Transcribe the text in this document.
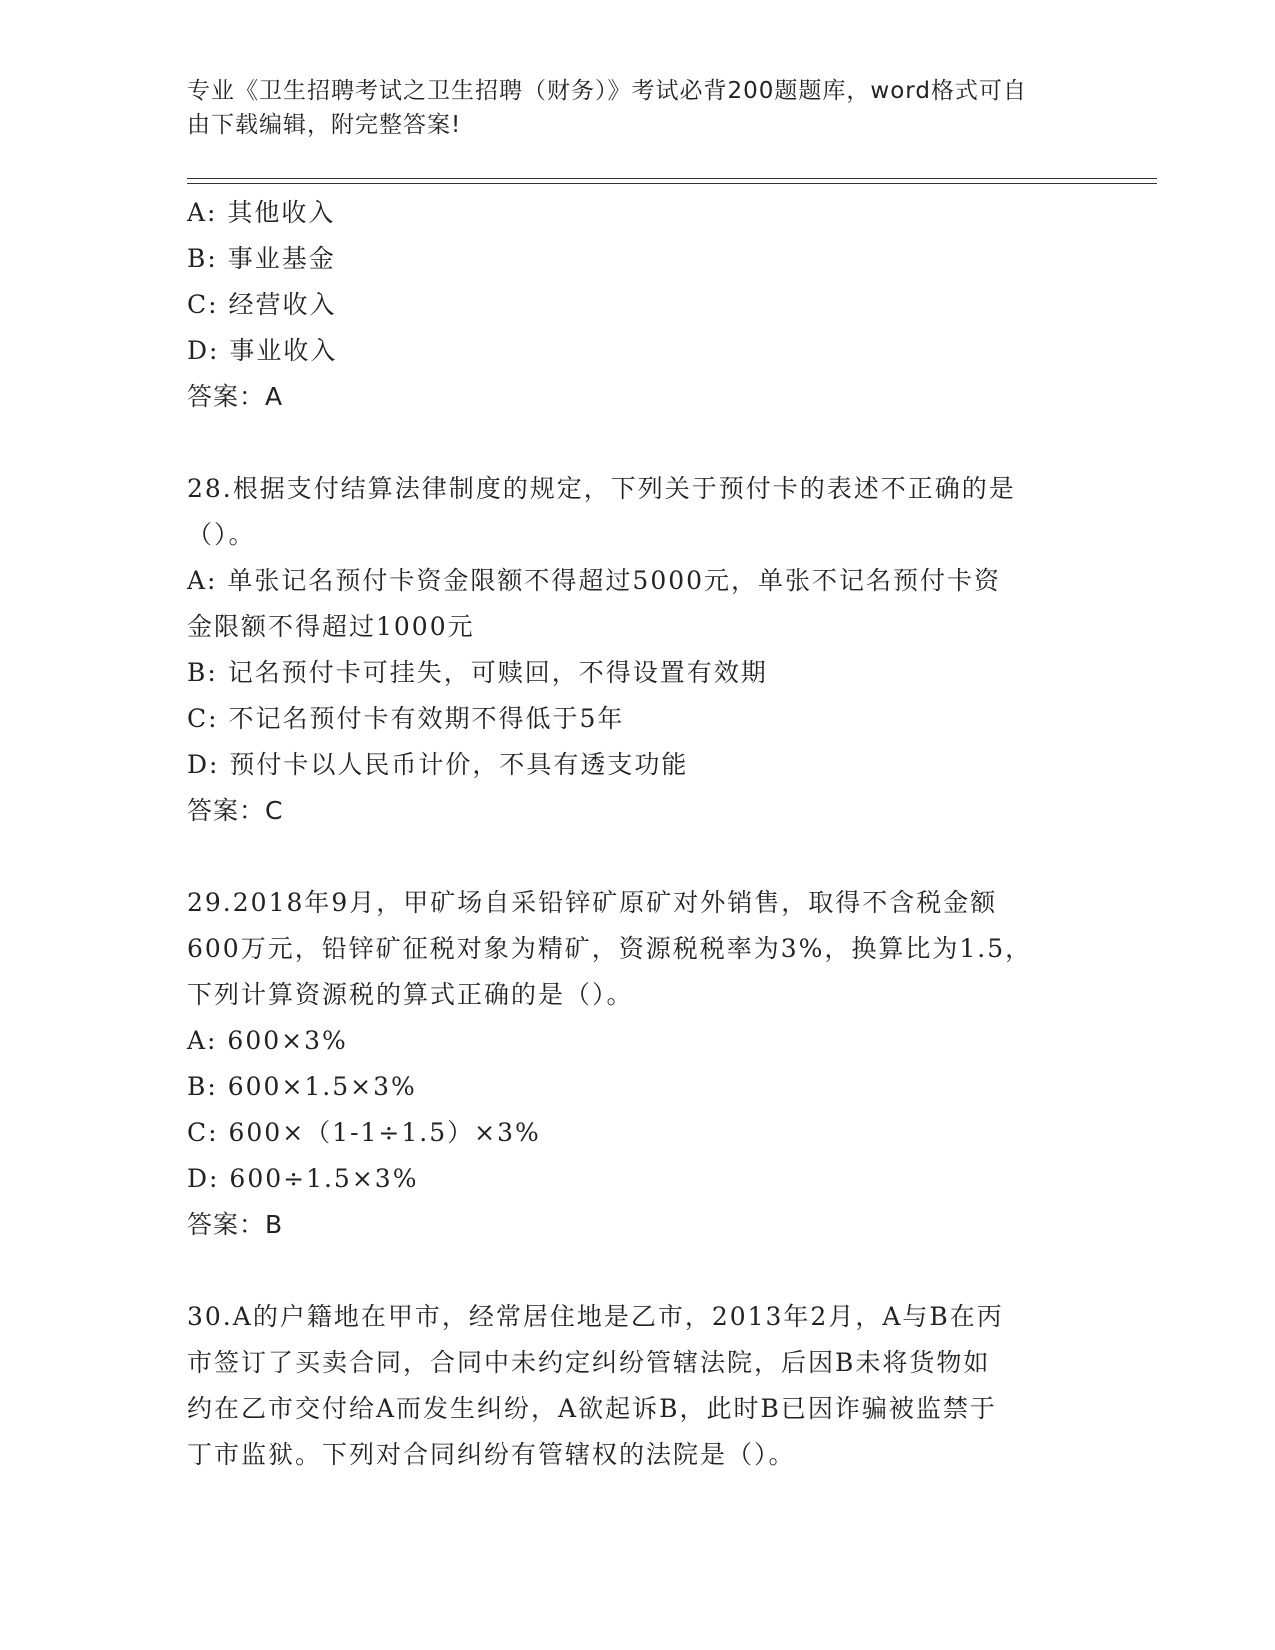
专业《卫生招聘考试之卫生招聘（财务）》考试必背200题题库，word格式可自
由下载编辑，附完整答案!
A: 其他收入
B: 事业基金
C: 经营收入
D: 事业收入
答案：A
28.根据支付结算法律制度的规定，下列关于预付卡的表述不正确的是
（）。
A: 单张记名预付卡资金限额不得超过5000元，单张不记名预付卡资
金限额不得超过1000元
B: 记名预付卡可挂失，可赎回，不得设置有效期
C: 不记名预付卡有效期不得低于5年
D: 预付卡以人民币计价，不具有透支功能
答案：C
29.2018年9月，甲矿场自采铅锌矿原矿对外销售，取得不含税金额
600万元，铅锌矿征税对象为精矿，资源税税率为3%，换算比为1.5，
下列计算资源税的算式正确的是（）。
A: 600×3%
B: 600×1.5×3%
C: 600×（1-1÷1.5）×3%
D: 600÷1.5×3%
答案：B
30.A的户籍地在甲市，经常居住地是乙市，2013年2月，A与B在丙
市签订了买卖合同，合同中未约定纠纷管辖法院，后因B未将货物如
约在乙市交付给A而发生纠纷，A欲起诉B，此时B已因诈骗被监禁于
丁市监狱。下列对合同纠纷有管辖权的法院是（）。
